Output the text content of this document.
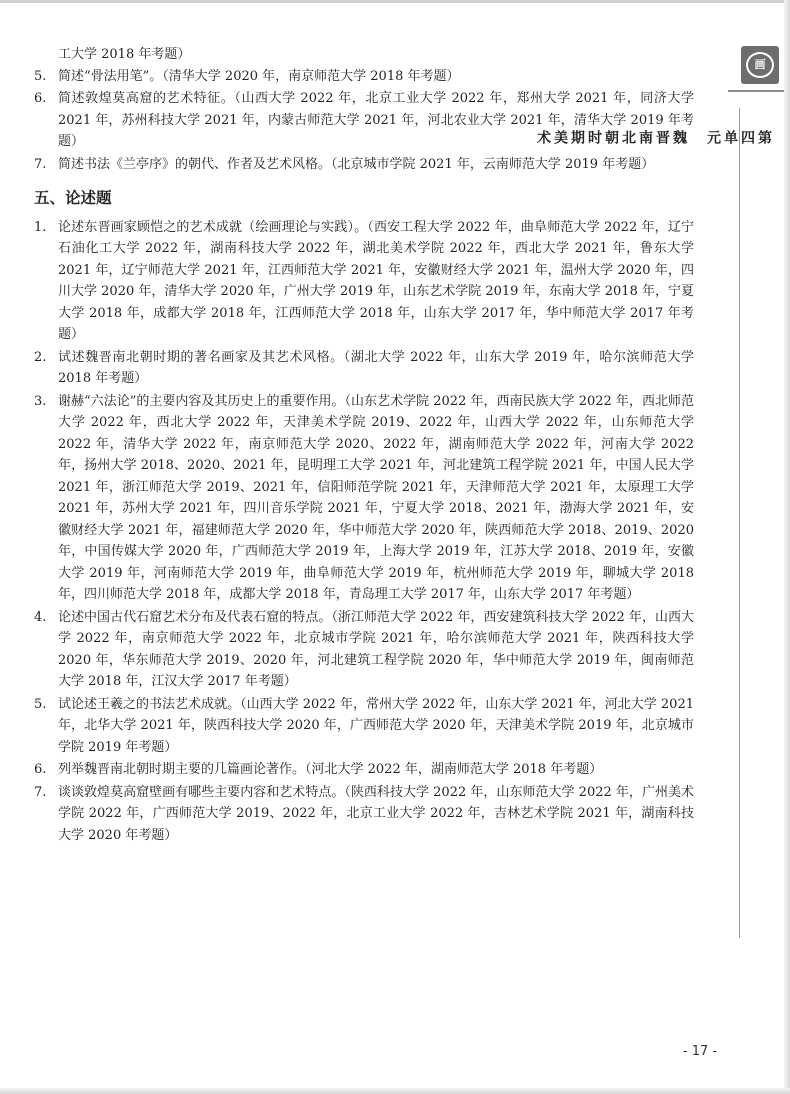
工大学 2018 年考题）
5. 简述“骨法用笔”。（清华大学 2020 年，南京师范大学 2018 年考题）
6. 简述敦煌莫高窟的艺术特征。（山西大学 2022 年，北京工业大学 2022 年，郑州大学 2021 年，同济大学 2021 年，苏州科技大学 2021 年，内蒙古师范大学 2021 年，河北农业大学 2021 年，清华大学 2019 年考题）
7. 简述书法《兰亭序》的朝代、作者及艺术风格。（北京城市学院 2021 年，云南师范大学 2019 年考题）
五、论述题
1. 论述东晋画家顾恺之的艺术成就（绘画理论与实践）。（西安工程大学 2022 年，曲阜师范大学 2022 年，辽宁石油化工大学 2022 年，湖南科技大学 2022 年，湖北美术学院 2022 年，西北大学 2021 年，鲁东大学 2021 年，辽宁师范大学 2021 年，江西师范大学 2021 年，安徽财经大学 2021 年，温州大学 2020 年，四川大学 2020 年，清华大学 2020 年，广州大学 2019 年，山东艺术学院 2019 年，东南大学 2018 年，宁夏大学 2018 年，成都大学 2018 年，江西师范大学 2018 年，山东大学 2017 年，华中师范大学 2017 年考题）
2. 试述魏晋南北朝时期的著名画家及其艺术风格。（湖北大学 2022 年，山东大学 2019 年，哈尔滨师范大学 2018 年考题）
3. 谢赫“六法论”的主要内容及其历史上的重要作用。（山东艺术学院 2022 年，西南民族大学 2022 年，西北师范大学 2022 年，西北大学 2022 年，天津美术学院 2019、2022 年，山西大学 2022 年，山东师范大学 2022 年，清华大学 2022 年，南京师范大学 2020、2022 年，湖南师范大学 2022 年，河南大学 2022 年，扬州大学 2018、2020、2021 年，昆明理工大学 2021 年，河北建筑工程学院 2021 年，中国人民大学 2021 年，浙江师范大学 2019、2021 年，信阳师范学院 2021 年，天津师范大学 2021 年，太原理工大学 2021 年，苏州大学 2021 年，四川音乐学院 2021 年，宁夏大学 2018、2021 年，渤海大学 2021 年，安徽财经大学 2021 年，福建师范大学 2020 年，华中师范大学 2020 年，陕西师范大学 2018、2019、2020 年，中国传媒大学 2020 年，广西师范大学 2019 年，上海大学 2019 年，江苏大学 2018、2019 年，安徽大学 2019 年，河南师范大学 2019 年，曲阜师范大学 2019 年，杭州师范大学 2019 年，聊城大学 2018 年，四川师范大学 2018 年，成都大学 2018 年，青岛理工大学 2017 年，山东大学 2017 年考题）
4. 论述中国古代石窟艺术分布及代表石窟的特点。（浙江师范大学 2022 年，西安建筑科技大学 2022 年，山西大学 2022 年，南京师范大学 2022 年，北京城市学院 2021 年，哈尔滨师范大学 2021 年，陕西科技大学 2020 年，华东师范大学 2019、2020 年，河北建筑工程学院 2020 年，华中师范大学 2019 年，闽南师范大学 2018 年，江汉大学 2017 年考题）
5. 试论述王羲之的书法艺术成就。（山西大学 2022 年，常州大学 2022 年，山东大学 2021 年，河北大学 2021 年，北华大学 2021 年，陕西科技大学 2020 年，广西师范大学 2020 年，天津美术学院 2019 年，北京城市学院 2019 年考题）
6. 列举魏晋南北朝时期主要的几篇画论著作。（河北大学 2022 年，湖南师范大学 2018 年考题）
7. 谈谈敦煌莫高窟壁画有哪些主要内容和艺术特点。（陕西科技大学 2022 年，山东师范大学 2022 年，广州美术学院 2022 年，广西师范大学 2019、2022 年，北京工业大学 2022 年，吉林艺术学院 2021 年，湖南科技大学 2020 年考题）
画
第四单元魏晋南北朝时期美术
- 17 -
